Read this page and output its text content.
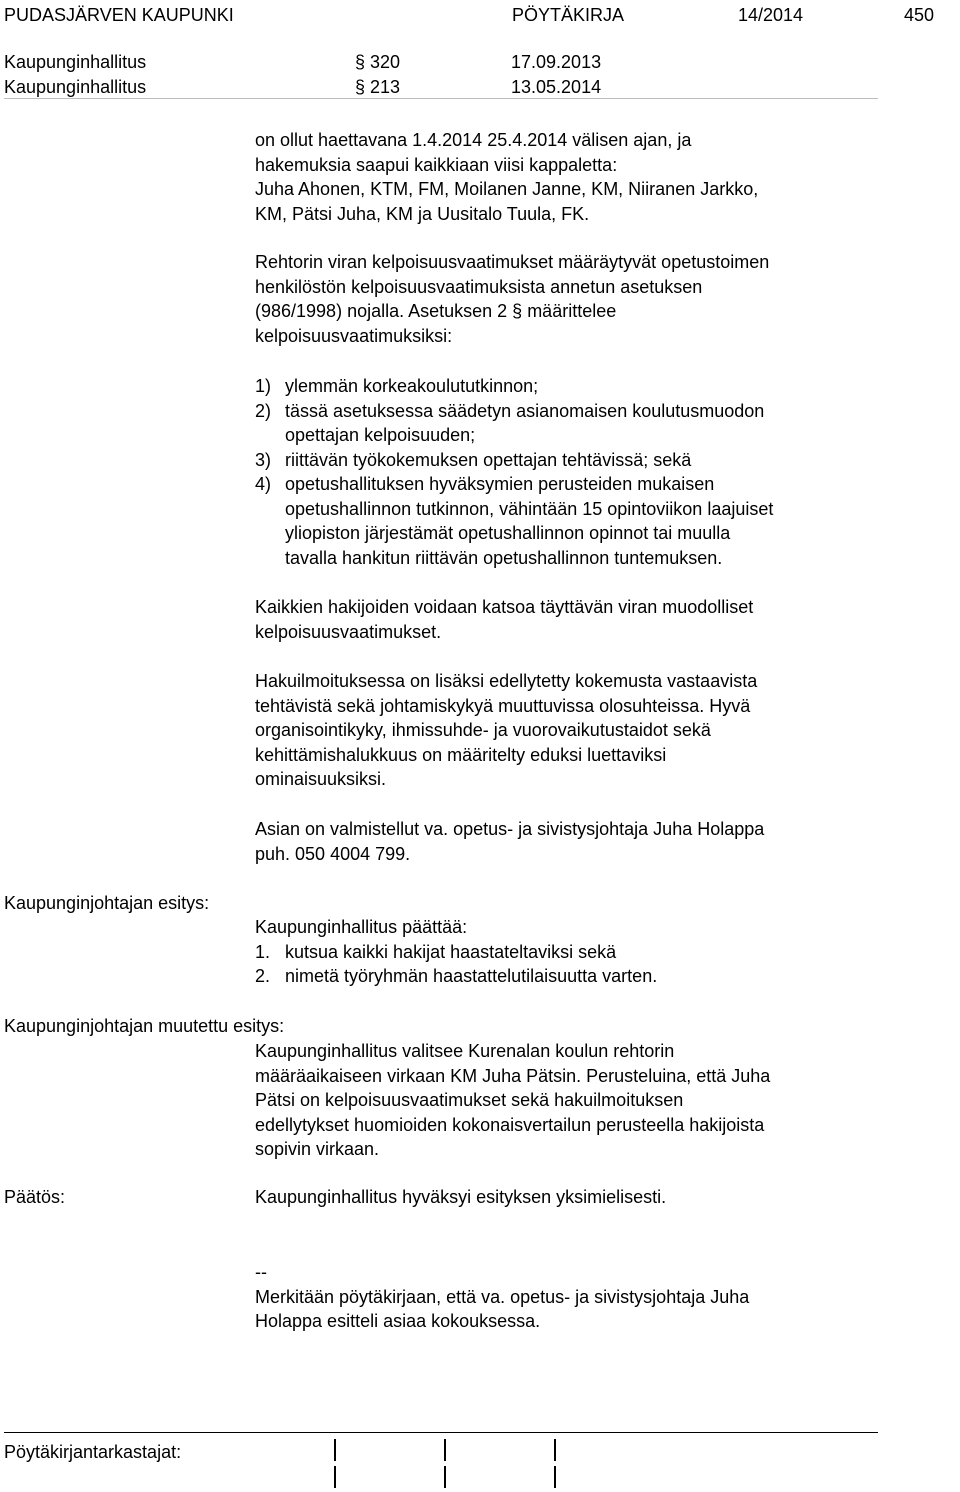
PUDASJÄRVEN KAUPUNKI	PÖYTÄKIRJA	14/2014	450
Kaupunginhallitus	§ 320	17.09.2013
Kaupunginhallitus	§ 213	13.05.2014
on ollut haettavana 1.4.2014 25.4.2014 välisen ajan, ja
hakemuksia saapui kaikkiaan viisi kappaletta:
Juha Ahonen, KTM, FM, Moilanen Janne, KM, Niiranen Jarkko,
KM, Pätsi Juha, KM ja Uusitalo Tuula, FK.
Rehtorin viran kelpoisuusvaatimukset määräytyvät opetustoimen
henkilöstön kelpoisuusvaatimuksista annetun asetuksen
(986/1998) nojalla. Asetuksen 2 § määrittelee
kelpoisuusvaatimuksiksi:
1) ylemmän korkeakoulututkinnon;
2) tässä asetuksessa säädetyn asianomaisen koulutusmuodon
opettajan kelpoisuuden;
3) riittävän työkokemuksen opettajan tehtävissä; sekä
4) opetushallituksen hyväksymien perusteiden mukaisen
opetushallinnon tutkinnon, vähintään 15 opintoviikon laajuiset
yliopiston järjestämät opetushallinnon opinnot tai muulla
tavalla hankitun riittävän opetushallinnon tuntemuksen.
Kaikkien hakijoiden voidaan katsoa täyttävän viran muodolliset
kelpoisuusvaatimukset.
Hakuilmoituksessa on lisäksi edellytetty kokemusta vastaavista
tehtävistä sekä johtamiskykyä muuttuvissa olosuhteissa. Hyvä
organisointikyky, ihmissuhde- ja vuorovaikutustaidot sekä
kehittämishalukkuus on määritelty eduksi luettaviksi
ominaisuuksiksi.
Asian on valmistellut va. opetus- ja sivistysjohtaja Juha Holappa
puh. 050 4004 799.
Kaupunginjohtajan esitys:
Kaupunginhallitus päättää:
1. kutsua kaikki hakijat haastateltaviksi sekä
2. nimetä työryhmän haastattelutilaisuutta varten.
Kaupunginjohtajan muutettu esitys:
Kaupunginhallitus valitsee Kurenalan koulun rehtorin
määräaikaiseen virkaan KM Juha Pätsin. Perusteluina, että Juha
Pätsi on kelpoisuusvaatimukset sekä hakuilmoituksen
edellytykset huomioiden kokonaisvertailun perusteella hakijoista
sopivin virkaan.
Päätös:	Kaupunginhallitus hyväksyi esityksen yksimielisesti.
--
Merkitään pöytäkirjaan, että va. opetus- ja sivistysjohtaja Juha
Holappa esitteli asiaa kokouksessa.
Pöytäkirjantarkastajat:
